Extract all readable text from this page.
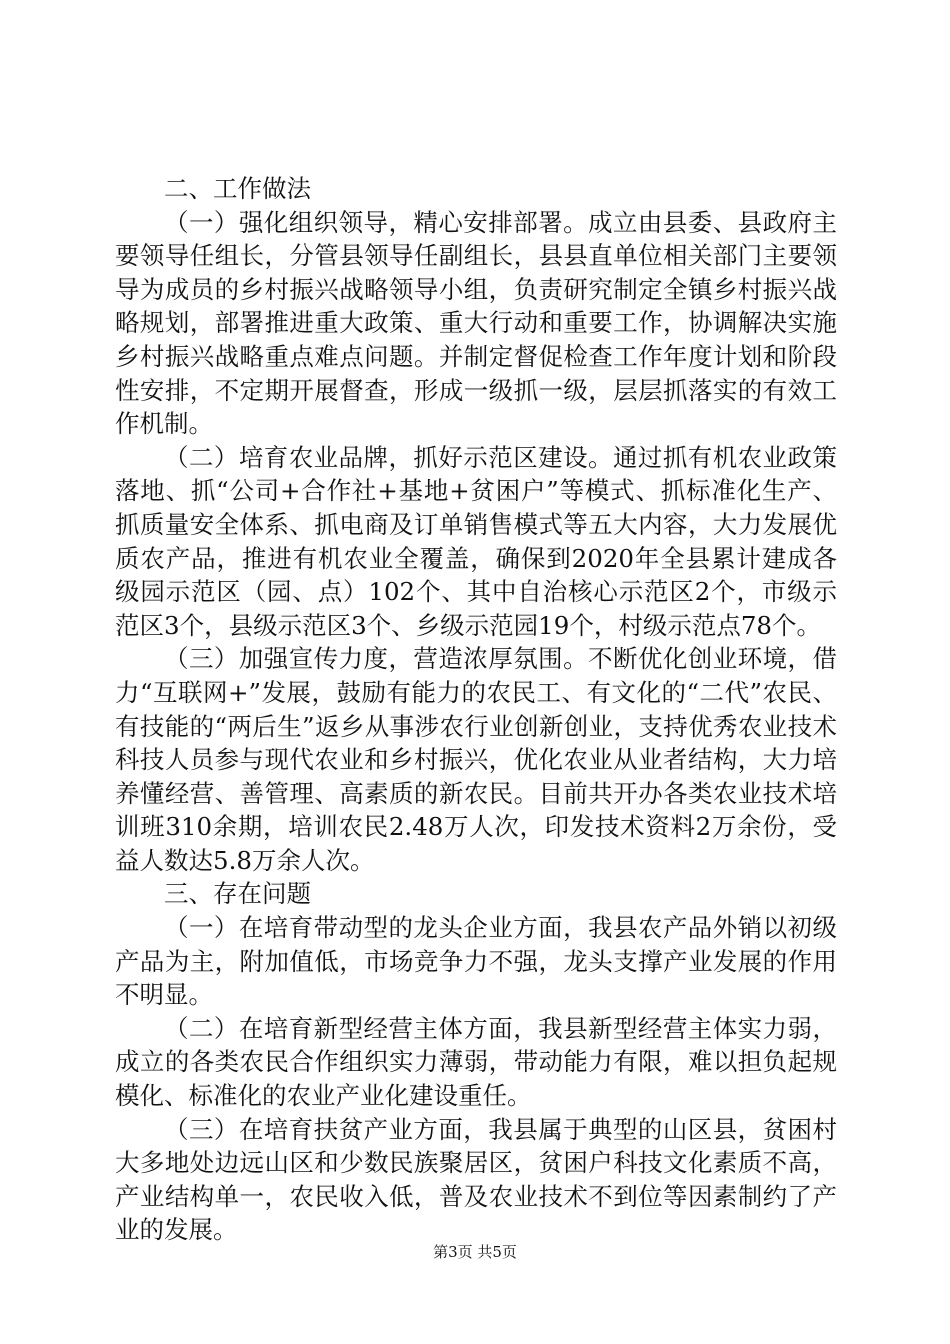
二、工作做法

（一）强化组织领导，精心安排部署。成立由县委、县政府主要领导任组长，分管县领导任副组长，县县直单位相关部门主要领导为成员的乡村振兴战略领导小组，负责研究制定全镇乡村振兴战略规划，部署推进重大政策、重大行动和重要工作，协调解决实施乡村振兴战略重点难点问题。并制定督促检查工作年度计划和阶段性安排，不定期开展督查，形成一级抓一级，层层抓落实的有效工作机制。

（二）培育农业品牌，抓好示范区建设。通过抓有机农业政策落地、抓“公司+合作社+基地+贫困户”等模式、抓标准化生产、抓质量安全体系、抓电商及订单销售模式等五大内容，大力发展优质农产品，推进有机农业全覆盖，确保到2020年全县累计建成各级园示范区（园、点）102个、其中自治核心示范区2个，市级示范区3个，县级示范区3个、乡级示范园19个，村级示范点78个。

（三）加强宣传力度，营造浓厚氛围。不断优化创业环境，借力“互联网+”发展，鼓励有能力的农民工、有文化的“二代”农民、有技能的“两后生”返乡从事涉农行业创新创业，支持优秀农业技术科技人员参与现代农业和乡村振兴，优化农业从业者结构，大力培养懂经营、善管理、高素质的新农民。目前共开办各类农业技术培训班310余期，培训农民2.48万人次，印发技术资料2万余份，受益人数达5.8万余人次。

三、存在问题

（一）在培育带动型的龙头企业方面，我县农产品外销以初级产品为主，附加值低，市场竞争力不强，龙头支撑产业发展的作用不明显。

（二）在培育新型经营主体方面，我县新型经营主体实力弱，成立的各类农民合作组织实力薄弱，带动能力有限，难以担负起规模化、标准化的农业产业化建设重任。

（三）在培育扶贫产业方面，我县属于典型的山区县，贫困村大多地处边远山区和少数民族聚居区，贫困户科技文化素质不高，产业结构单一，农民收入低，普及农业技术不到位等因素制约了产业的发展。

第3页 共5页
